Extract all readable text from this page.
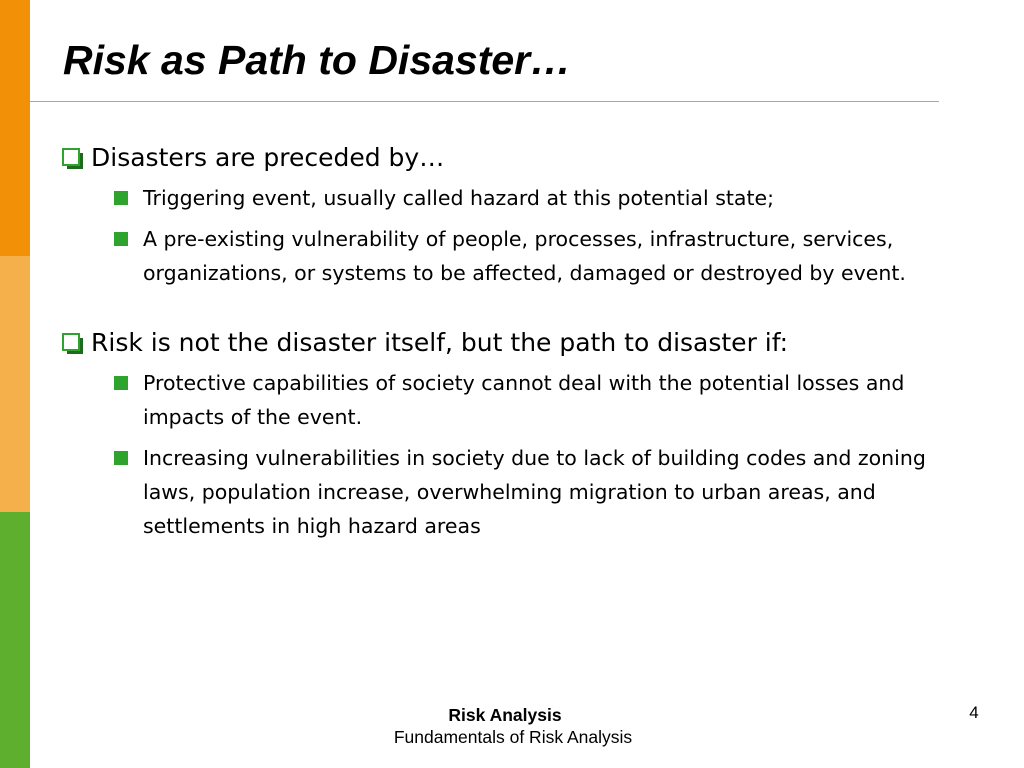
Risk as Path to Disaster…
Disasters are preceded by…
Triggering event, usually called hazard at this potential state;
A pre-existing vulnerability of people, processes, infrastructure, services, organizations, or systems to be affected, damaged or destroyed by event.
Risk is not the disaster itself, but the path to disaster if:
Protective capabilities of society cannot deal with the potential losses and impacts of the event.
Increasing vulnerabilities in society due to lack of building codes and zoning laws, population increase, overwhelming migration to urban areas, and settlements in high hazard areas
Risk Analysis
Fundamentals of Risk Analysis
4
